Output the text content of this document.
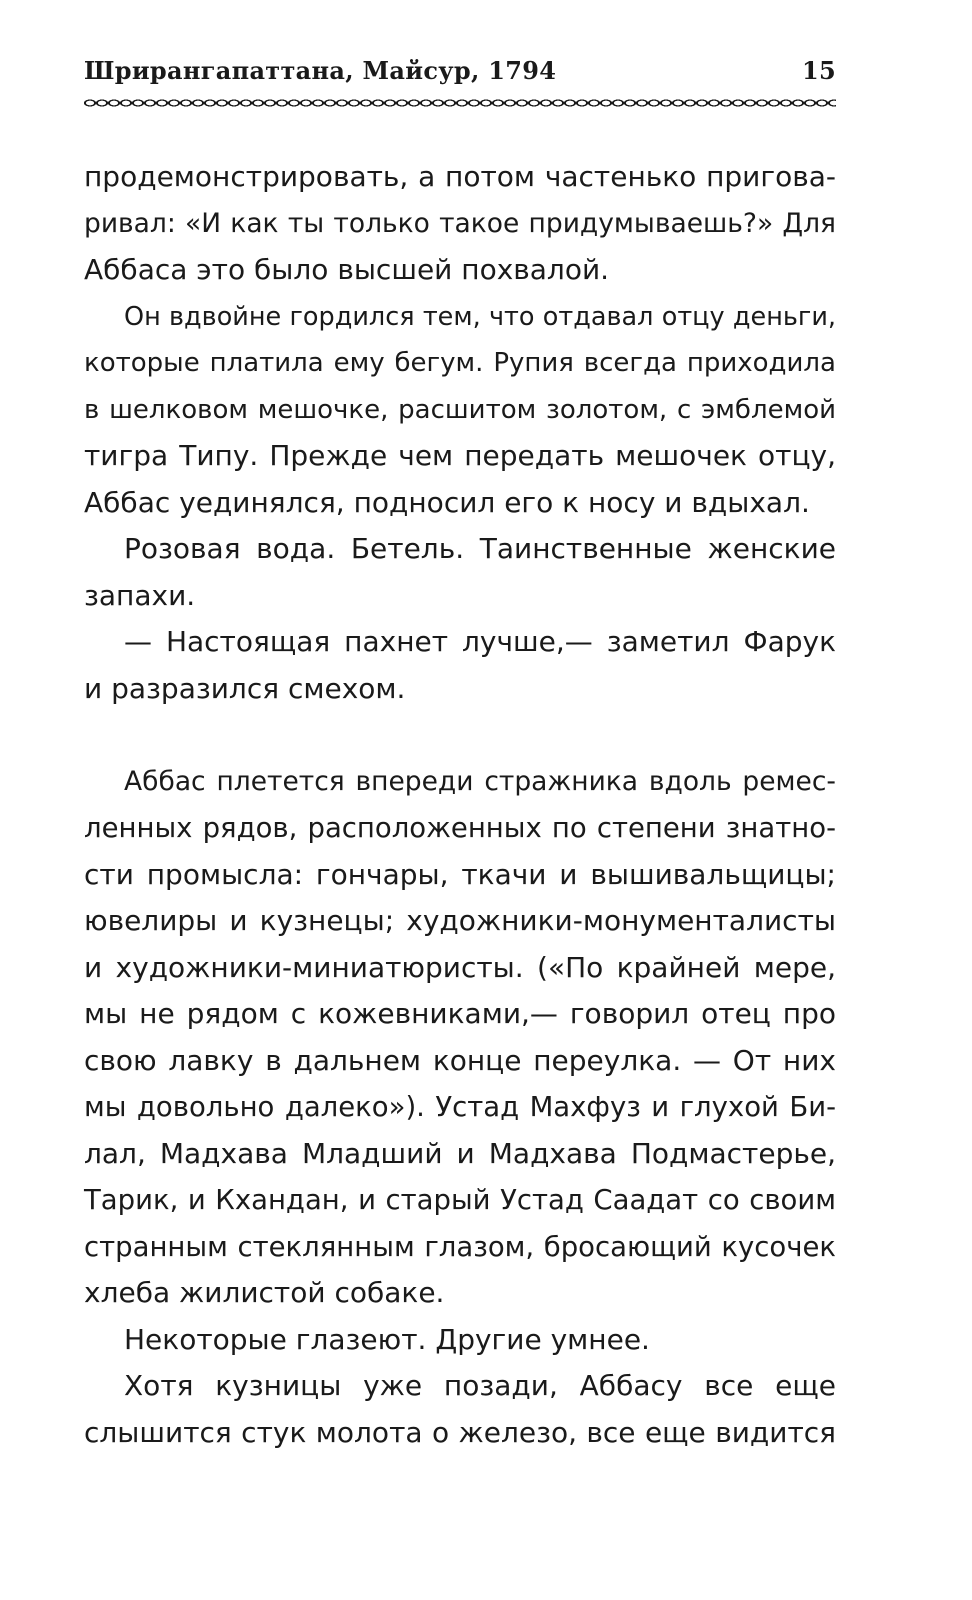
Шрирангапаттана, Майсур, 1794	15
продемонстрировать, а потом частенько пригова-
ривал: «И как ты только такое придумываешь?» Для
Аббаса это было высшей похвалой.
Он вдвойне гордился тем, что отдавал отцу деньги,
которые платила ему бегум. Рупия всегда приходила
в шелковом мешочке, расшитом золотом, с эмблемой
тигра Типу. Прежде чем передать мешочек отцу,
Аббас уединялся, подносил его к носу и вдыхал.
Розовая вода. Бетель. Таинственные женские
запахи.
— Настоящая пахнет лучше,— заметил Фарук
и разразился смехом.
Аббас плетется впереди стражника вдоль ремес-
ленных рядов, расположенных по степени знатно-
сти промысла: гончары, ткачи и вышивальщицы;
ювелиры и кузнецы; художники-монументалисты
и художники-миниатюристы. («По крайней мере,
мы не рядом с кожевниками,— говорил отец про
свою лавку в дальнем конце переулка. — От них
мы довольно далеко»). Устад Махфуз и глухой Би-
лал, Мадхава Младший и Мадхава Подмастерье,
Тарик, и Кхандан, и старый Устад Саадат со своим
странным стеклянным глазом, бросающий кусочек
хлеба жилистой собаке.
Некоторые глазеют. Другие умнее.
Хотя кузницы уже позади, Аббасу все еще
слышится стук молота о железо, все еще видится
